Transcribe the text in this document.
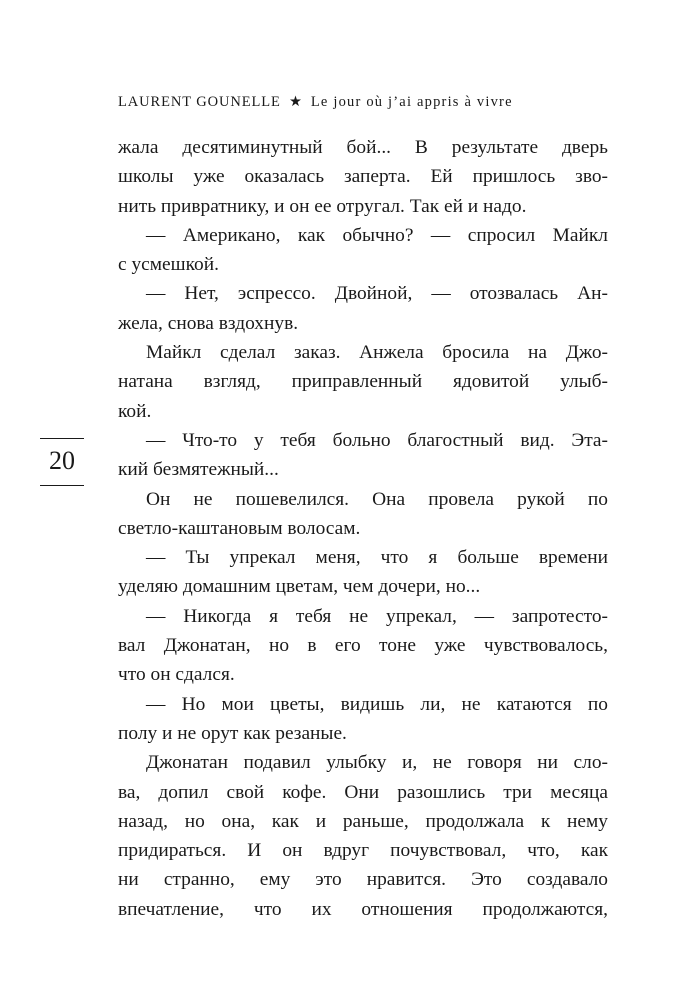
LAURENT GOUNELLE ★ Le jour où j’ai appris à vivre
20
жала десятиминутный бой... В результате дверь
школы уже оказалась заперта. Ей пришлось зво-
нить привратнику, и он ее отругал. Так ей и надо.
— Американо, как обычно? — спросил Майкл
с усмешкой.
— Нет, эспрессо. Двойной, — отозвалась Ан-
жела, снова вздохнув.
Майкл сделал заказ. Анжела бросила на Джо-
натана взгляд, приправленный ядовитой улыб-
кой.
— Что-то у тебя больно благостный вид. Эта-
кий безмятежный...
Он не пошевелился. Она провела рукой по
светло-каштановым волосам.
— Ты упрекал меня, что я больше времени
уделяю домашним цветам, чем дочери, но...
— Никогда я тебя не упрекал, — запротесто-
вал Джонатан, но в его тоне уже чувствовалось,
что он сдался.
— Но мои цветы, видишь ли, не катаются по
полу и не орут как резаные.
Джонатан подавил улыбку и, не говоря ни сло-
ва, допил свой кофе. Они разошлись три месяца
назад, но она, как и раньше, продолжала к нему
придираться. И он вдруг почувствовал, что, как
ни странно, ему это нравится. Это создавало
впечатление, что их отношения продолжаются,
